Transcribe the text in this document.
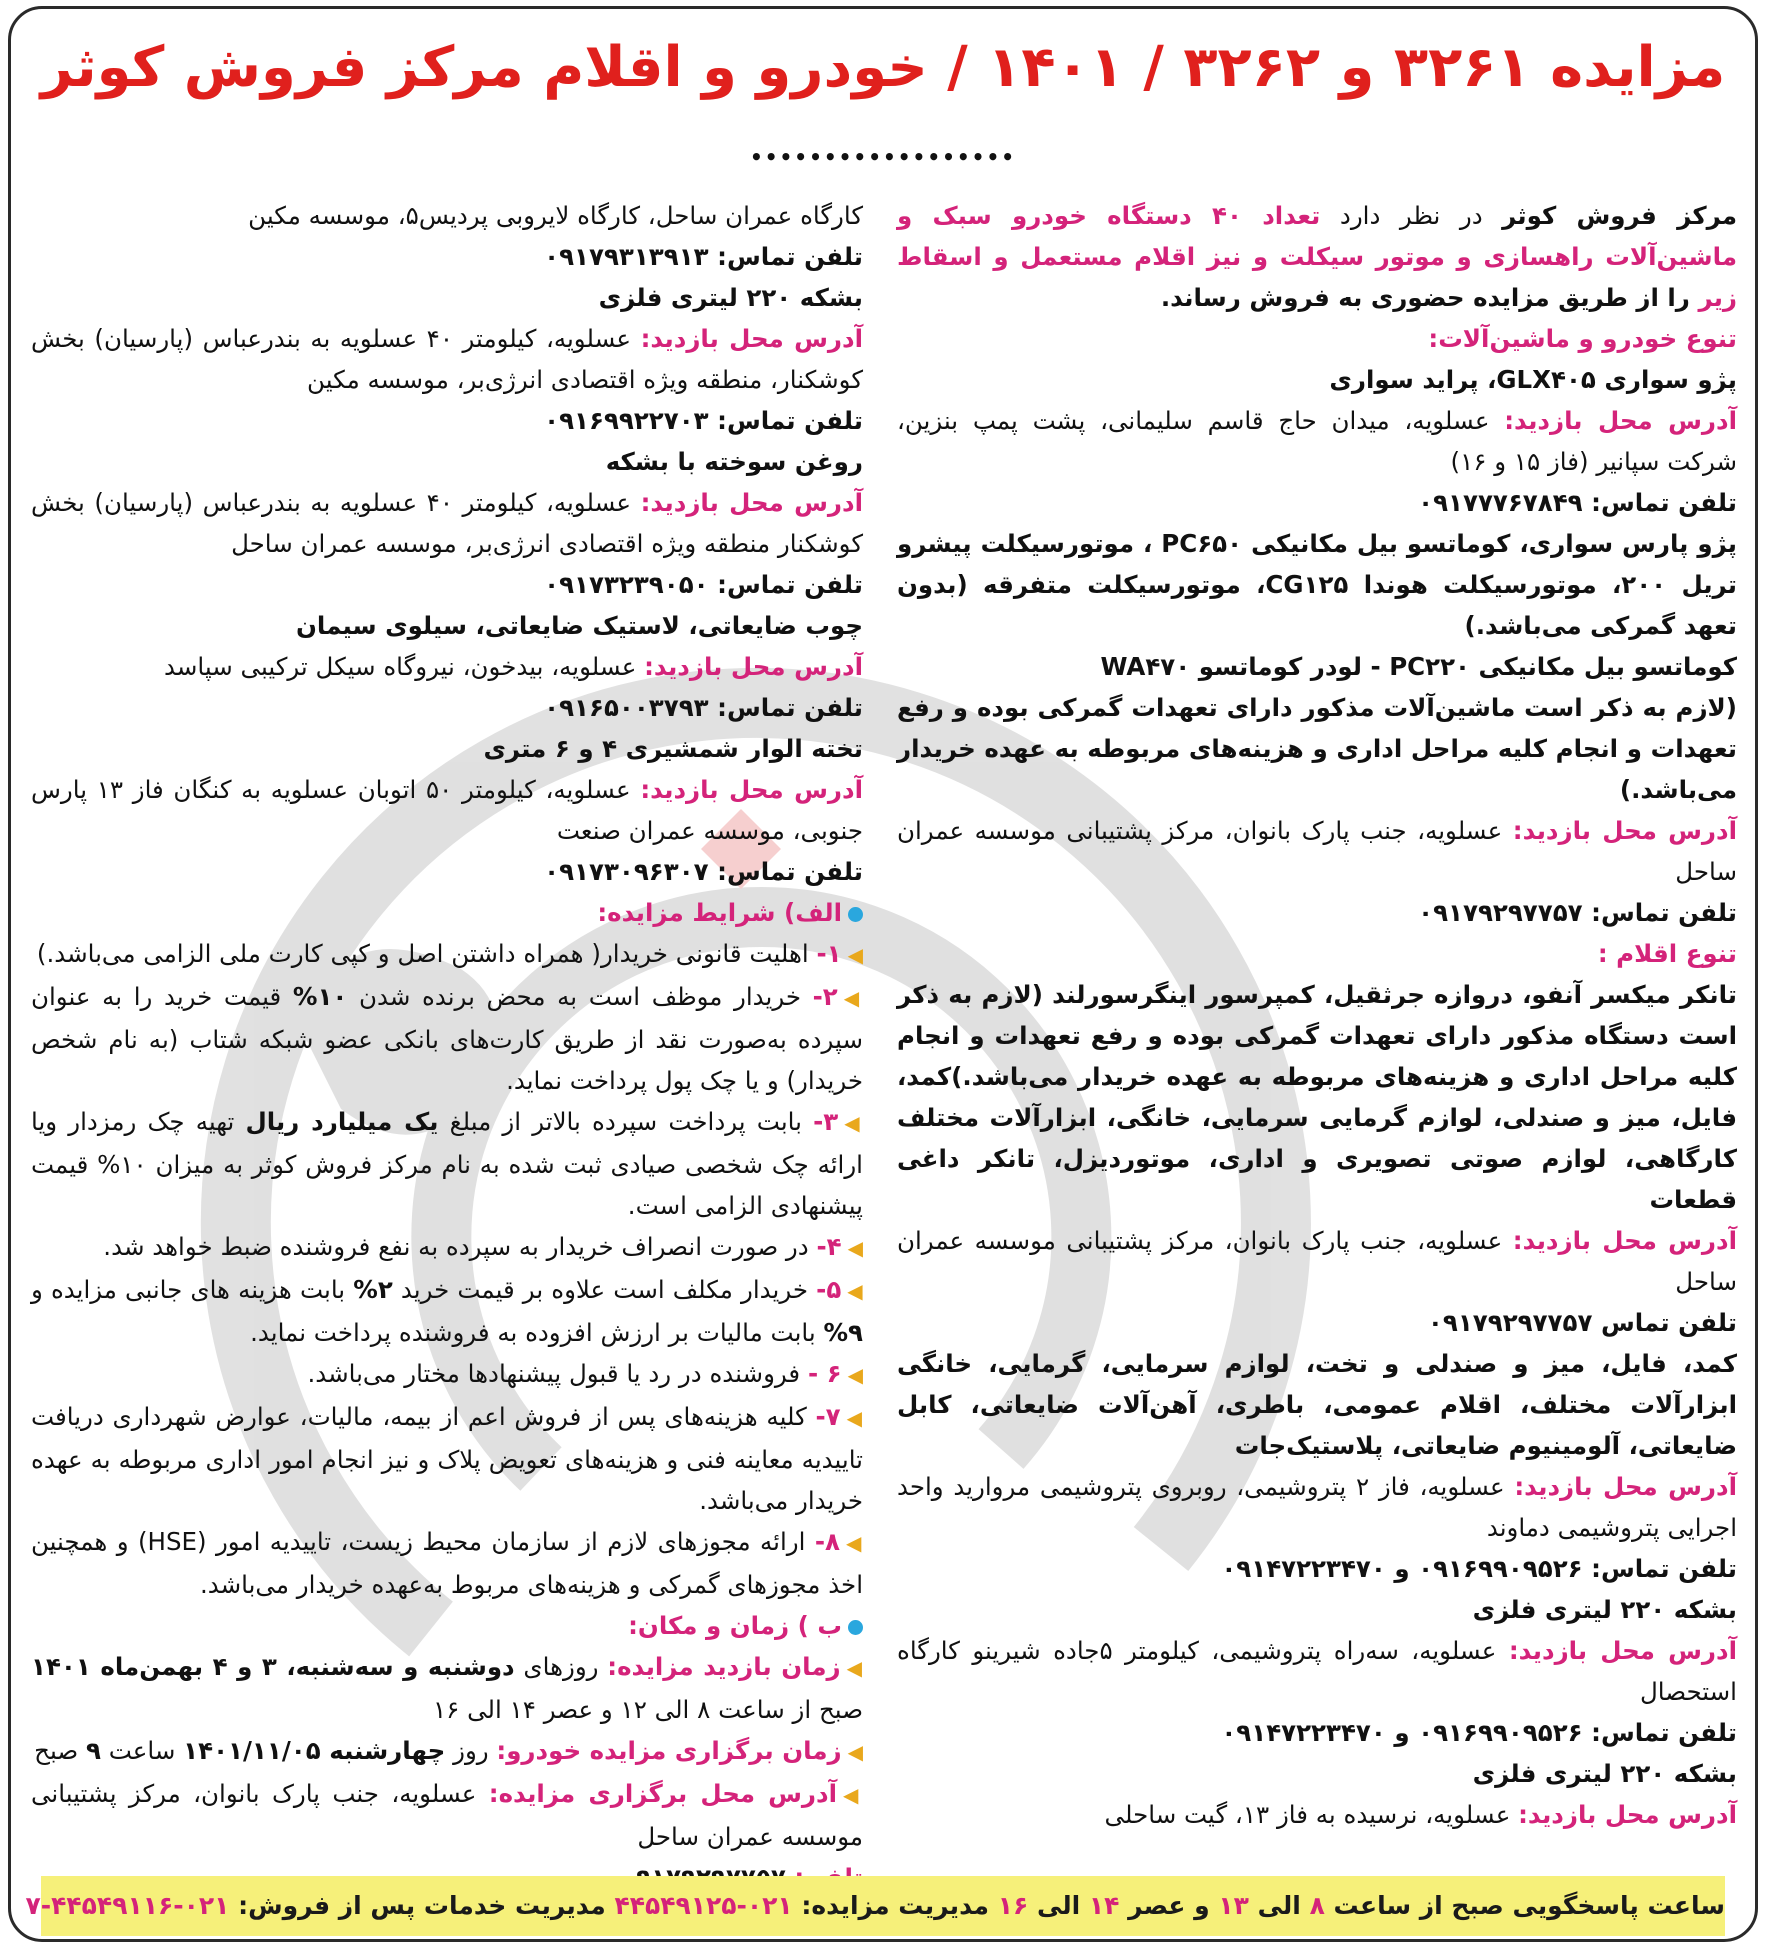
مزایده ۳۲۶۱ و ۳۲۶۲ / ۱۴۰۱ / خودرو و اقلام مرکز فروش کوثر
••••••••••••••••••

مرکز فروش کوثر در نظر دارد تعداد ۴۰ دستگاه خودرو سبک و ماشین‌آلات راهسازی و موتور سیکلت و نیز اقلام مستعمل و اسقاط زیر را از طریق مزایده حضوری به فروش رساند.

تنوع خودرو و ماشین‌آلات:

پژو سواری GLX۴۰۵، پراید سواری

آدرس محل بازدید: عسلویه، میدان حاج قاسم سلیمانی، پشت پمپ بنزین، شرکت سپانیر (فاز ۱۵ و ۱۶)

تلفن تماس: ۰۹۱۷۷۷۶۷۸۴۹

پژو پارس سواری، کوماتسو بیل مکانیکی PC۶۵۰ ، موتورسیکلت پیشرو تریل ۲۰۰، موتورسیکلت هوندا CG۱۲۵، موتورسیکلت متفرقه (بدون تعهد گمرکی می‌باشد.)

کوماتسو بیل مکانیکی PC۲۲۰ - لودر کوماتسو WA۴۷۰

(لازم به ذکر است ماشین‌آلات مذکور دارای تعهدات گمرکی بوده و رفع تعهدات و انجام کلیه مراحل اداری و هزینه‌های مربوطه به عهده خریدار می‌باشد.)

آدرس محل بازدید: عسلویه، جنب پارک بانوان، مرکز پشتیبانی موسسه عمران ساحل

تلفن تماس: ۰۹۱۷۹۲۹۷۷۵۷

تنوع اقلام :

تانکر میکسر آنفو، دروازه جرثقیل، کمپرسور اینگرسورلند (لازم به ذکر است دستگاه مذکور دارای تعهدات گمرکی بوده و رفع تعهدات و انجام کلیه مراحل اداری و هزینه‌های مربوطه به عهده خریدار می‌باشد.)کمد، فایل، میز و صندلی، لوازم گرمایی سرمایی، خانگی، ابزارآلات مختلف کارگاهی، لوازم صوتی تصویری و اداری، موتوردیزل، تانکر داغی قطعات

آدرس محل بازدید: عسلویه، جنب پارک بانوان، مرکز پشتیبانی موسسه عمران ساحل

تلفن تماس ۰۹۱۷۹۲۹۷۷۵۷

کمد، فایل، میز و صندلی و تخت، لوازم سرمایی، گرمایی، خانگی ابزارآلات مختلف، اقلام عمومی، باطری، آهن‌آلات ضایعاتی، کابل ضایعاتی، آلومینیوم ضایعاتی، پلاستیک‌جات

آدرس محل بازدید: عسلویه، فاز ۲ پتروشیمی، روبروی پتروشیمی مروارید واحد اجرایی پتروشیمی دماوند

تلفن تماس: ۰۹۱۶۹۹۰۹۵۲۶ و ۰۹۱۴۷۲۲۳۴۷۰

بشکه ۲۲۰ لیتری فلزی

آدرس محل بازدید: عسلویه، سه‌راه پتروشیمی، کیلومتر ۵جاده شیرینو کارگاه استحصال

تلفن تماس: ۰۹۱۶۹۹۰۹۵۲۶ و ۰۹۱۴۷۲۲۳۴۷۰

بشکه ۲۲۰ لیتری فلزی

آدرس محل بازدید: عسلویه، نرسیده به فاز ۱۳، گیت ساحلی

کارگاه عمران ساحل، کارگاه لایروبی پردیس۵، موسسه مکین

تلفن تماس: ۰۹۱۷۹۳۱۳۹۱۳

بشکه ۲۲۰ لیتری فلزی

آدرس محل بازدید: عسلویه، کیلومتر ۴۰ عسلویه به بندرعباس (پارسیان) بخش کوشکنار، منطقه ویژه اقتصادی انرژی‌بر، موسسه مکین

تلفن تماس: ۰۹۱۶۹۹۲۲۷۰۳

روغن سوخته با بشکه

آدرس محل بازدید: عسلویه، کیلومتر ۴۰ عسلویه به بندرعباس (پارسیان) بخش کوشکنار منطقه ویژه اقتصادی انرژی‌بر، موسسه عمران ساحل

تلفن تماس: ۰۹۱۷۳۲۳۹۰۵۰

چوب ضایعاتی، لاستیک ضایعاتی، سیلوی سیمان

آدرس محل بازدید: عسلویه، بیدخون، نیروگاه سیکل ترکیبی سپاسد

تلفن تماس: ۰۹۱۶۵۰۰۳۷۹۳

تخته الوار شمشیری ۴ و ۶ متری

آدرس محل بازدید: عسلویه، کیلومتر ۵۰ اتوبان عسلویه به کنگان فاز ۱۳ پارس جنوبی، موسسه عمران صنعت

تلفن تماس: ۰۹۱۷۳۰۹۶۳۰۷

الف) شرایط مزایده:

◀۱- اهلیت قانونی خریدار( همراه داشتن اصل و کپی کارت ملی الزامی می‌باشد.)

◀۲- خریدار موظف است به محض برنده شدن ۱۰% قیمت خرید را به عنوان سپرده به‌صورت نقد از طریق کارت‌های بانکی عضو شبکه شتاب (به نام شخص خریدار) و یا چک پول پرداخت نماید.

◀۳- بابت پرداخت سپرده بالاتر از مبلغ یک میلیارد ریال تهیه چک رمزدار ویا ارائه چک شخصی صیادی ثبت شده به نام مرکز فروش کوثر به میزان ۱۰% قیمت پیشنهادی الزامی است.

◀۴- در صورت انصراف خریدار به سپرده به نفع فروشنده ضبط خواهد شد.

◀۵- خریدار مکلف است علاوه بر قیمت خرید ۲% بابت هزینه های جانبی مزایده و ۹% بابت مالیات بر ارزش افزوده به فروشنده پرداخت نماید.

◀۶ - فروشنده در رد یا قبول پیشنهادها مختار می‌باشد.

◀۷- کلیه هزینه‌های پس از فروش اعم از بیمه، مالیات، عوارض شهرداری دریافت تاییدیه معاینه فنی و هزینه‌های تعویض پلاک و نیز انجام امور اداری مربوطه به عهده خریدار می‌باشد.

◀۸- ارائه مجوزهای لازم از سازمان محیط زیست، تاییدیه امور (HSE) و همچنین اخذ مجوزهای گمرکی و هزینه‌های مربوط به‌عهده خریدار می‌باشد.

ب ) زمان و مکان:

◀زمان بازدید مزایده: روزهای دوشنبه و سه‌شنبه، ۳ و ۴ بهمن‌ماه ۱۴۰۱ صبح از ساعت ۸ الی ۱۲ و عصر ۱۴ الی ۱۶

◀زمان برگزاری مزایده خودرو: روز چهارشنبه ۱۴۰۱/۱۱/۰۵ ساعت ۹ صبح

◀آدرس محل برگزاری مزایده: عسلویه، جنب پارک بانوان، مرکز پشتیبانی موسسه عمران ساحل

ساعت پاسخگویی صبح از ساعت ۸ الی ۱۳ و عصر ۱۴ الی ۱۶ مدیریت مزایده: ۰۲۱-۴۴۵۴۹۱۲۵ مدیریت خدمات پس از فروش: ۰۲۱-۴۴۵۴۹۱۱۶-۷
